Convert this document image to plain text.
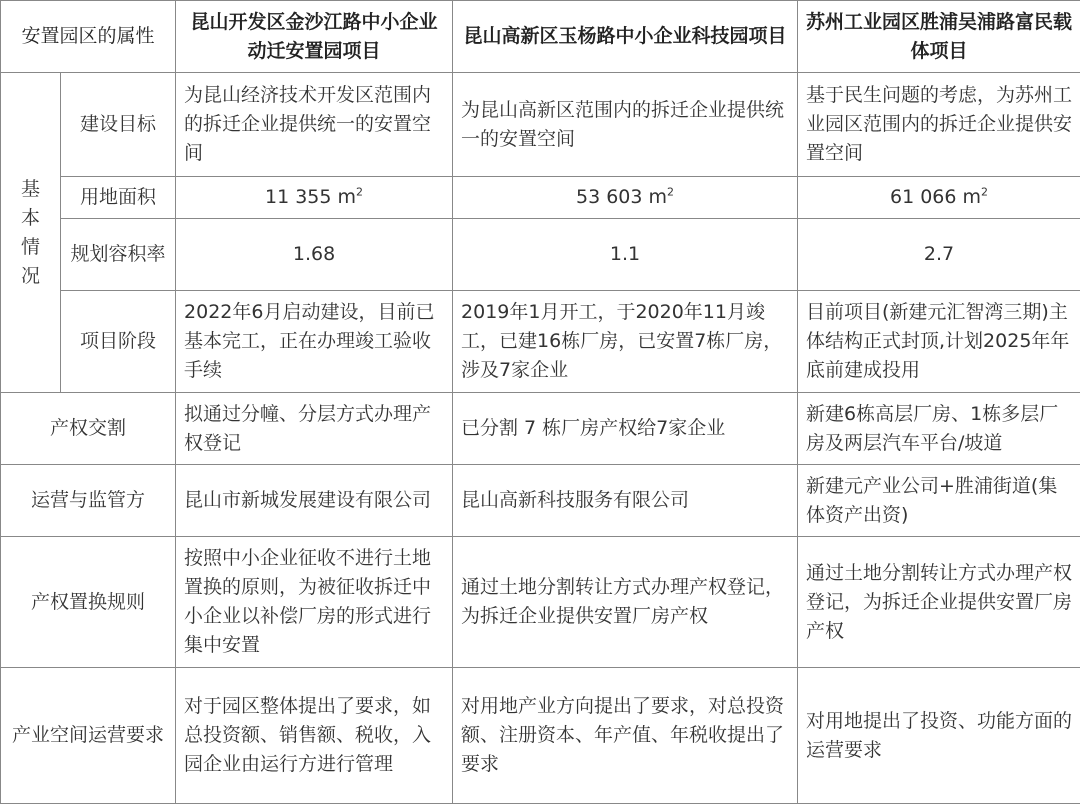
安置园区的属性		昆山开发区金沙江路中小企业动迁安置园项目	昆山高新区玉杨路中小企业科技园项目	苏州工业园区胜浦吴浦路富民载体项目
基本情况	建设目标	为昆山经济技术开发区范围内的拆迁企业提供统一的安置空间	为昆山高新区范围内的拆迁企业提供统一的安置空间	基于民生问题的考虑，为苏州工业园区范围内的拆迁企业提供安置空间
	用地面积	11 355 $m^2$	53 603 $m^2$	61 066 $m^2$
	规划容积率	1.68	1.1	2.7
	项目阶段	2022年6月启动建设，目前已基本完工，正在办理竣工验收手续	2019年1月开工，于2020年11月竣工，已建16栋厂房，已安置7栋厂房，涉及7家企业	目前项目(新建元汇智湾三期)主体结构正式封顶,计划2025年年底前建成投用
产权交割		拟通过分幢、分层方式办理产权登记	已分割 7 栋厂房产权给7家企业	新建6栋高层厂房、1栋多层厂房及两层汽车平台/坡道
运营与监管方		昆山市新城发展建设有限公司	昆山高新科技服务有限公司	新建元产业公司+胜浦街道(集体资产出资)
产权置换规则		按照中小企业征收不进行土地置换的原则，为被征收拆迁中小企业以补偿厂房的形式进行集中安置	通过土地分割转让方式办理产权登记，为拆迁企业提供安置厂房产权	通过土地分割转让方式办理产权登记，为拆迁企业提供安置厂房产权
产业空间运营要求		对于园区整体提出了要求，如总投资额、销售额、税收，入园企业由运行方进行管理	对用地产业方向提出了要求，对总投资额、注册资本、年产值、年税收提出了要求	对用地提出了投资、功能方面的运营要求
